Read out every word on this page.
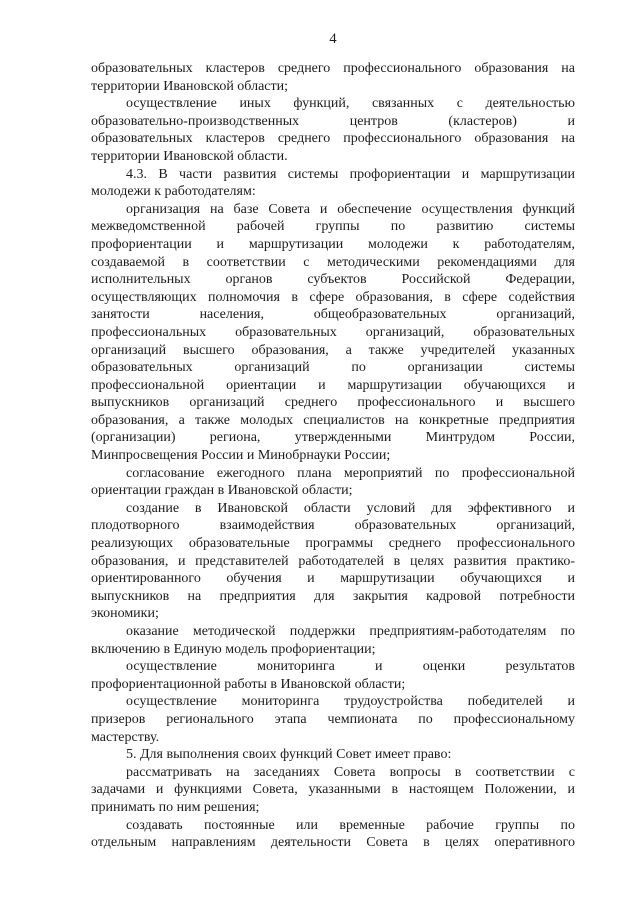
4
образовательных кластеров среднего профессионального образования на
территории Ивановской области;
осуществление иных функций, связанных с деятельностью
образовательно-производственных центров (кластеров) и
образовательных кластеров среднего профессионального образования на
территории Ивановской области.
4.3. В части развития системы профориентации и маршрутизации
молодежи к работодателям:
организация на базе Совета и обеспечение осуществления функций
межведомственной рабочей группы по развитию системы
профориентации и маршрутизации молодежи к работодателям,
создаваемой в соответствии с методическими рекомендациями для
исполнительных органов субъектов Российской Федерации,
осуществляющих полномочия в сфере образования, в сфере содействия
занятости населения, общеобразовательных организаций,
профессиональных образовательных организаций, образовательных
организаций высшего образования, а также учредителей указанных
образовательных организаций по организации системы
профессиональной ориентации и маршрутизации обучающихся и
выпускников организаций среднего профессионального и высшего
образования, а также молодых специалистов на конкретные предприятия
(организации) региона, утвержденными Минтрудом России,
Минпросвещения России и Минобрнауки России;
согласование ежегодного плана мероприятий по профессиональной
ориентации граждан в Ивановской области;
создание в Ивановской области условий для эффективного и
плодотворного взаимодействия образовательных организаций,
реализующих образовательные программы среднего профессионального
образования, и представителей работодателей в целях развития практико-
ориентированного обучения и маршрутизации обучающихся и
выпускников на предприятия для закрытия кадровой потребности
экономики;
оказание методической поддержки предприятиям-работодателям по
включению в Единую модель профориентации;
осуществление мониторинга и оценки результатов
профориентационной работы в Ивановской области;
осуществление мониторинга трудоустройства победителей и
призеров регионального этапа чемпионата по профессиональному
мастерству.
5. Для выполнения своих функций Совет имеет право:
рассматривать на заседаниях Совета вопросы в соответствии с
задачами и функциями Совета, указанными в настоящем Положении, и
принимать по ним решения;
создавать постоянные или временные рабочие группы по
отдельным направлениям деятельности Совета в целях оперативного
